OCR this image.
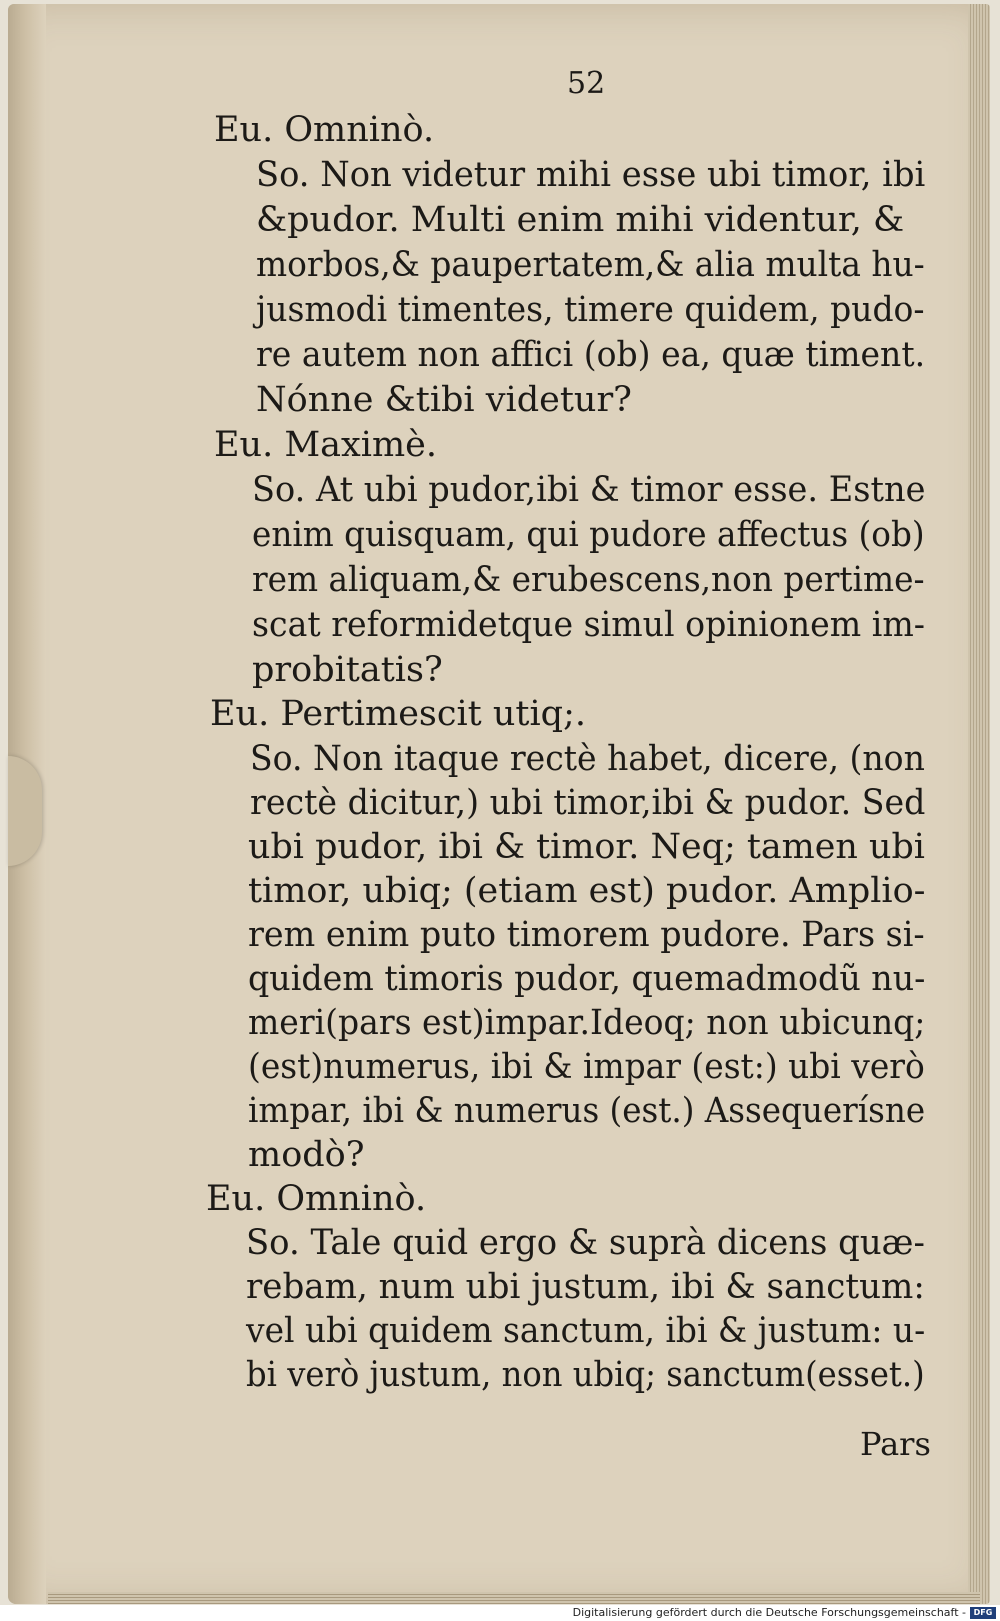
52
Eu. Omninò.
So. Non videtur mihi esse ubi timor, ibi
&pudor. Multi enim mihi videntur, &
morbos,& paupertatem,& alia multa hu-
jusmodi timentes, timere quidem, pudo-
re autem non affici (ob) ea, quæ timent.
Nónne &tibi videtur?
Eu. Maximè.
So. At ubi pudor,ibi & timor esse. Estne
enim quisquam, qui pudore affectus (ob)
rem aliquam,& erubescens,non pertime-
scat reformidetque simul opinionem im-
probitatis?
Eu. Pertimescit utiq;.
So. Non itaque rectè habet, dicere, (non
rectè dicitur,) ubi timor,ibi & pudor. Sed
ubi pudor, ibi & timor. Neq; tamen ubi
timor, ubiq; (etiam est) pudor. Amplio-
rem enim puto timorem pudore. Pars si-
quidem timoris pudor, quemadmodũ nu-
meri(pars est)impar.Ideoq; non ubicunq;
(est)numerus, ibi & impar (est:) ubi verò
impar, ibi & numerus (est.) Assequerísne
modò?
Eu. Omninò.
So. Tale quid ergo & suprà dicens quæ-
rebam, num ubi justum, ibi & sanctum:
vel ubi quidem sanctum, ibi & justum: u-
bi verò justum, non ubiq; sanctum(esset.)
Pars
Digitalisierung gefördert durch die Deutsche Forschungsgemeinschaft - DFG
